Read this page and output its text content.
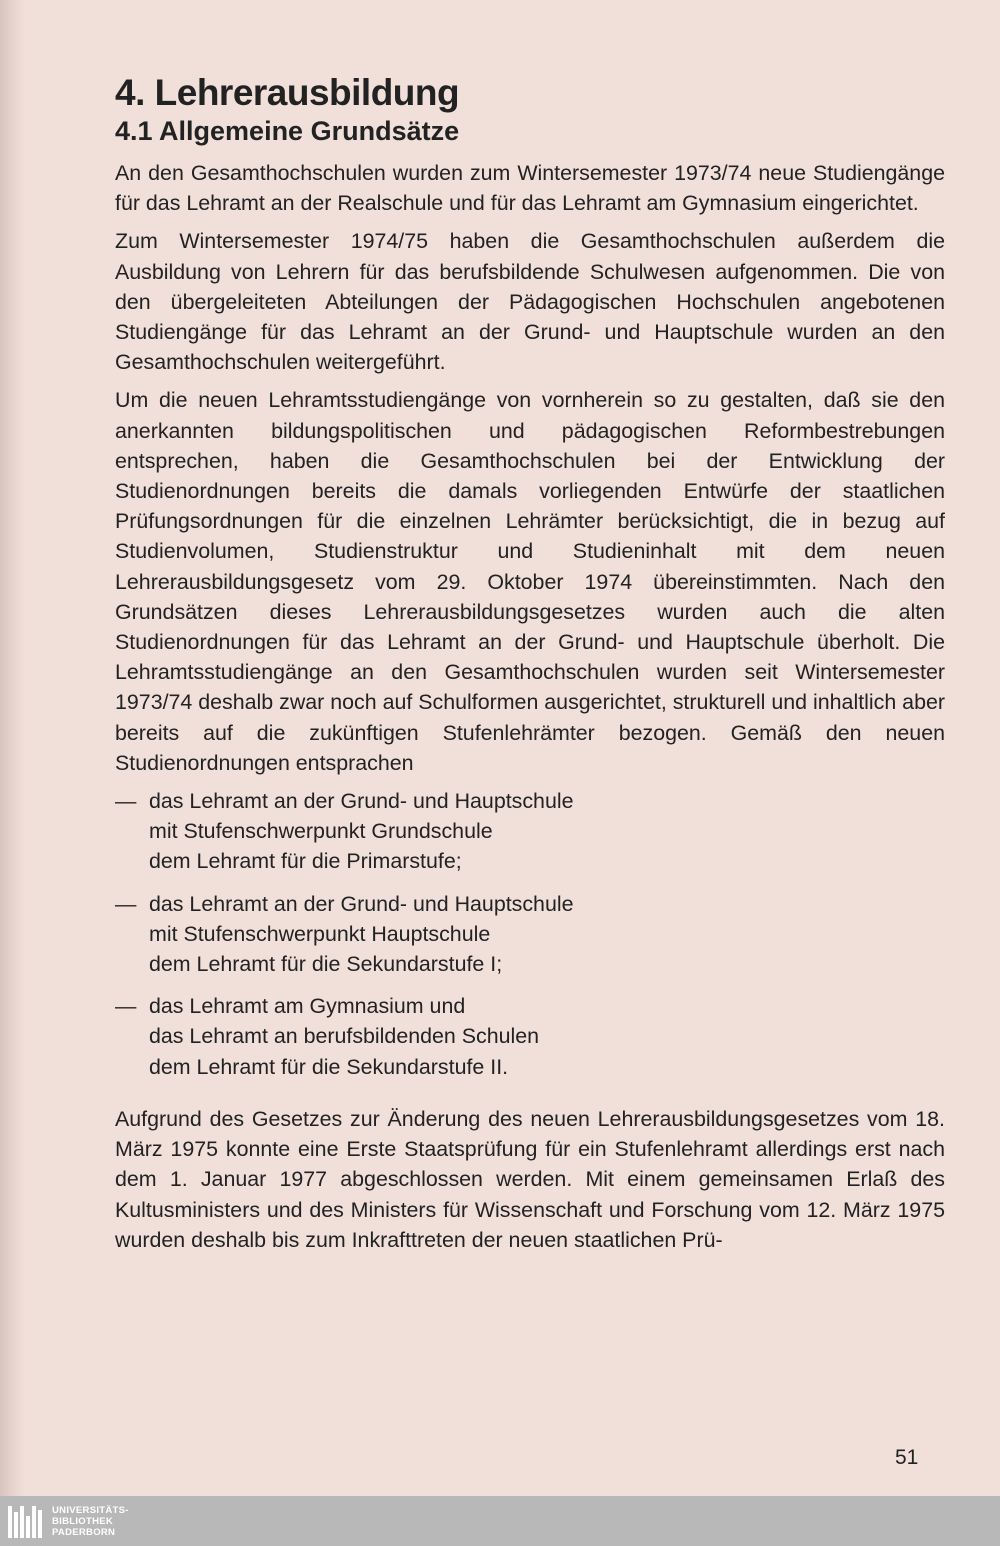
4. Lehrerausbildung
4.1 Allgemeine Grundsätze

An den Gesamthochschulen wurden zum Wintersemester 1973/74 neue Studiengänge für das Lehramt an der Realschule und für das Lehramt am Gymnasium eingerichtet.

Zum Wintersemester 1974/75 haben die Gesamthochschulen außerdem die Ausbildung von Lehrern für das berufsbildende Schulwesen aufgenommen. Die von den übergeleiteten Abteilungen der Pädagogischen Hochschulen angebotenen Studiengänge für das Lehramt an der Grund- und Hauptschule wurden an den Gesamthochschulen weitergeführt.

Um die neuen Lehramtsstudiengänge von vornherein so zu gestalten, daß sie den anerkannten bildungspolitischen und pädagogischen Reformbestrebungen entsprechen, haben die Gesamthochschulen bei der Entwicklung der Studienordnungen bereits die damals vorliegenden Entwürfe der staatlichen Prüfungsordnungen für die einzelnen Lehrämter berücksichtigt, die in bezug auf Studienvolumen, Studienstruktur und Studieninhalt mit dem neuen Lehrerausbildungsgesetz vom 29. Oktober 1974 übereinstimmten. Nach den Grundsätzen dieses Lehrerausbildungsgesetzes wurden auch die alten Studienordnungen für das Lehramt an der Grund- und Hauptschule überholt. Die Lehramtsstudiengänge an den Gesamthochschulen wurden seit Wintersemester 1973/74 deshalb zwar noch auf Schulformen ausgerichtet, strukturell und inhaltlich aber bereits auf die zukünftigen Stufenlehrämter bezogen. Gemäß den neuen Studienordnungen entsprachen

— das Lehramt an der Grund- und Hauptschule
mit Stufenschwerpunkt Grundschule
dem Lehramt für die Primarstufe;
— das Lehramt an der Grund- und Hauptschule
mit Stufenschwerpunkt Hauptschule
dem Lehramt für die Sekundarstufe I;
— das Lehramt am Gymnasium und
das Lehramt an berufsbildenden Schulen
dem Lehramt für die Sekundarstufe II.

Aufgrund des Gesetzes zur Änderung des neuen Lehrerausbildungsgesetzes vom 18. März 1975 konnte eine Erste Staatsprüfung für ein Stufenlehramt allerdings erst nach dem 1. Januar 1977 abgeschlossen werden. Mit einem gemeinsamen Erlaß des Kultusministers und des Ministers für Wissenschaft und Forschung vom 12. März 1975 wurden deshalb bis zum Inkrafttreten der neuen staatlichen Prü-

51
UNIVERSITÄTS-
BIBLIOTHEK
PADERBORN
